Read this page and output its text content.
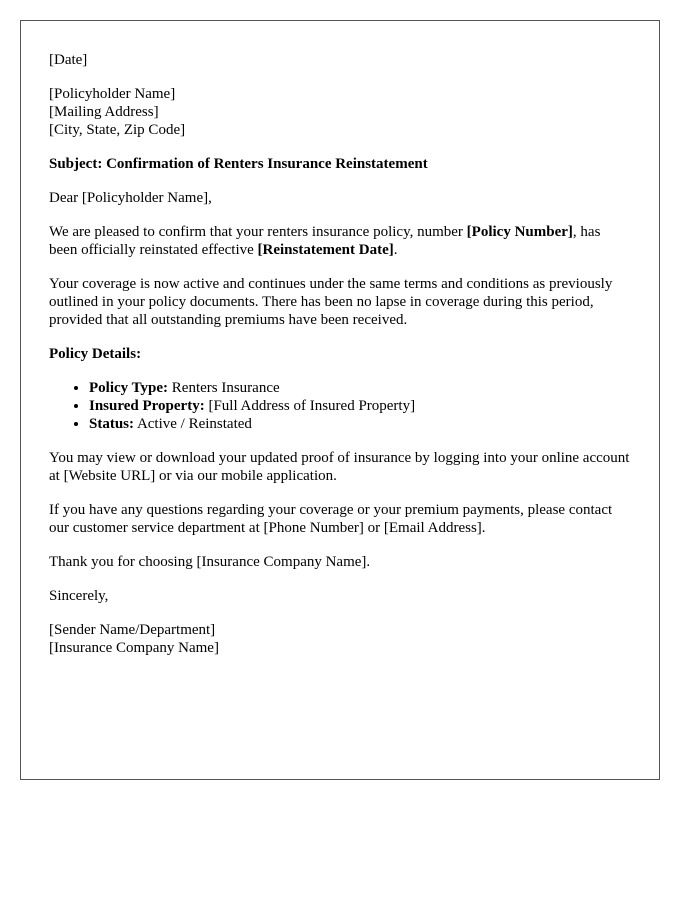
[Date]

[Policyholder Name]
[Mailing Address]
[City, State, Zip Code]

Subject: Confirmation of Renters Insurance Reinstatement

Dear [Policyholder Name],

We are pleased to confirm that your renters insurance policy, number [Policy Number], has been officially reinstated effective [Reinstatement Date].

Your coverage is now active and continues under the same terms and conditions as previously outlined in your policy documents. There has been no lapse in coverage during this period, provided that all outstanding premiums have been received.

Policy Details:

• Policy Type: Renters Insurance
• Insured Property: [Full Address of Insured Property]
• Status: Active / Reinstated

You may view or download your updated proof of insurance by logging into your online account at [Website URL] or via our mobile application.

If you have any questions regarding your coverage or your premium payments, please contact our customer service department at [Phone Number] or [Email Address].

Thank you for choosing [Insurance Company Name].

Sincerely,

[Sender Name/Department]
[Insurance Company Name]
